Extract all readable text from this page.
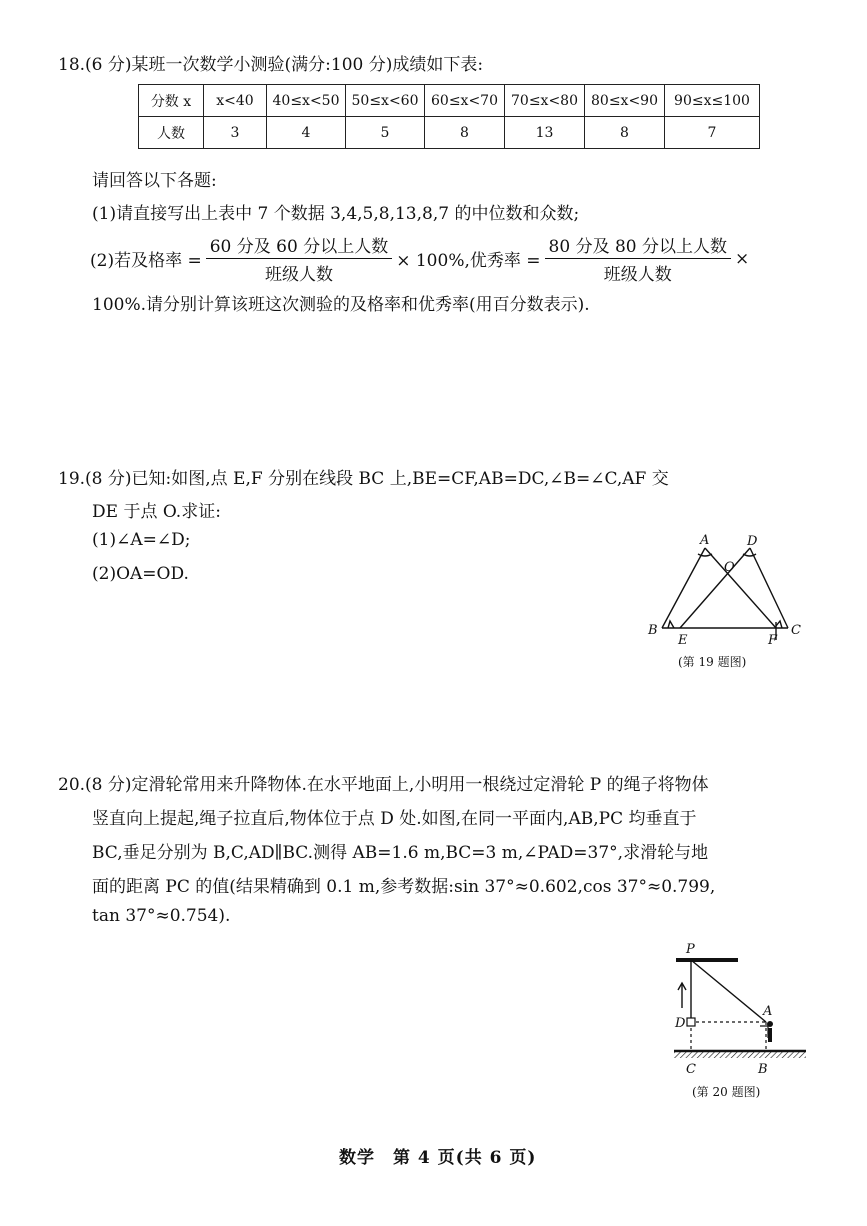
18.(6 分)某班一次数学小测验(满分:100 分)成绩如下表:
分数 x	x<40	40≤x<50	50≤x<60	60≤x<70	70≤x<80	80≤x<90	90≤x≤100
人数	3	4	5	8	13	8	7
请回答以下各题:
(1)请直接写出上表中 7 个数据 3,4,5,8,13,8,7 的中位数和众数;
(2)若及格率 = $\frac{\text{60 分及 60 分以上人数}}{\text{班级人数}} \times 100\%$,优秀率 = $\frac{\text{80 分及 80 分以上人数}}{\text{班级人数}}$ ×
100%.请分别计算该班这次测验的及格率和优秀率(用百分数表示).
19.(8 分)已知:如图,点 E,F 分别在线段 BC 上,BE=CF,AB=DC,∠B=∠C,AF 交
DE 于点 O.求证:
(1)∠A=∠D;
(2)OA=OD.
A	D
O
B
E	F
C
(第 19 题图)
20.(8 分)定滑轮常用来升降物体.在水平地面上,小明用一根绕过定滑轮 P 的绳子将物体
竖直向上提起,绳子拉直后,物体位于点 D 处.如图,在同一平面内,AB,PC 均垂直于
BC,垂足分别为 B,C,AD∥BC.测得 AB=1.6 m,BC=3 m,∠PAD=37°,求滑轮与地
面的距离 PC 的值(结果精确到 0.1 m,参考数据:sin 37°≈0.602,cos 37°≈0.799,
tan 37°≈0.754).
P
D
A
C	B
(第 20 题图)
数学　第 4 页(共 6 页)
